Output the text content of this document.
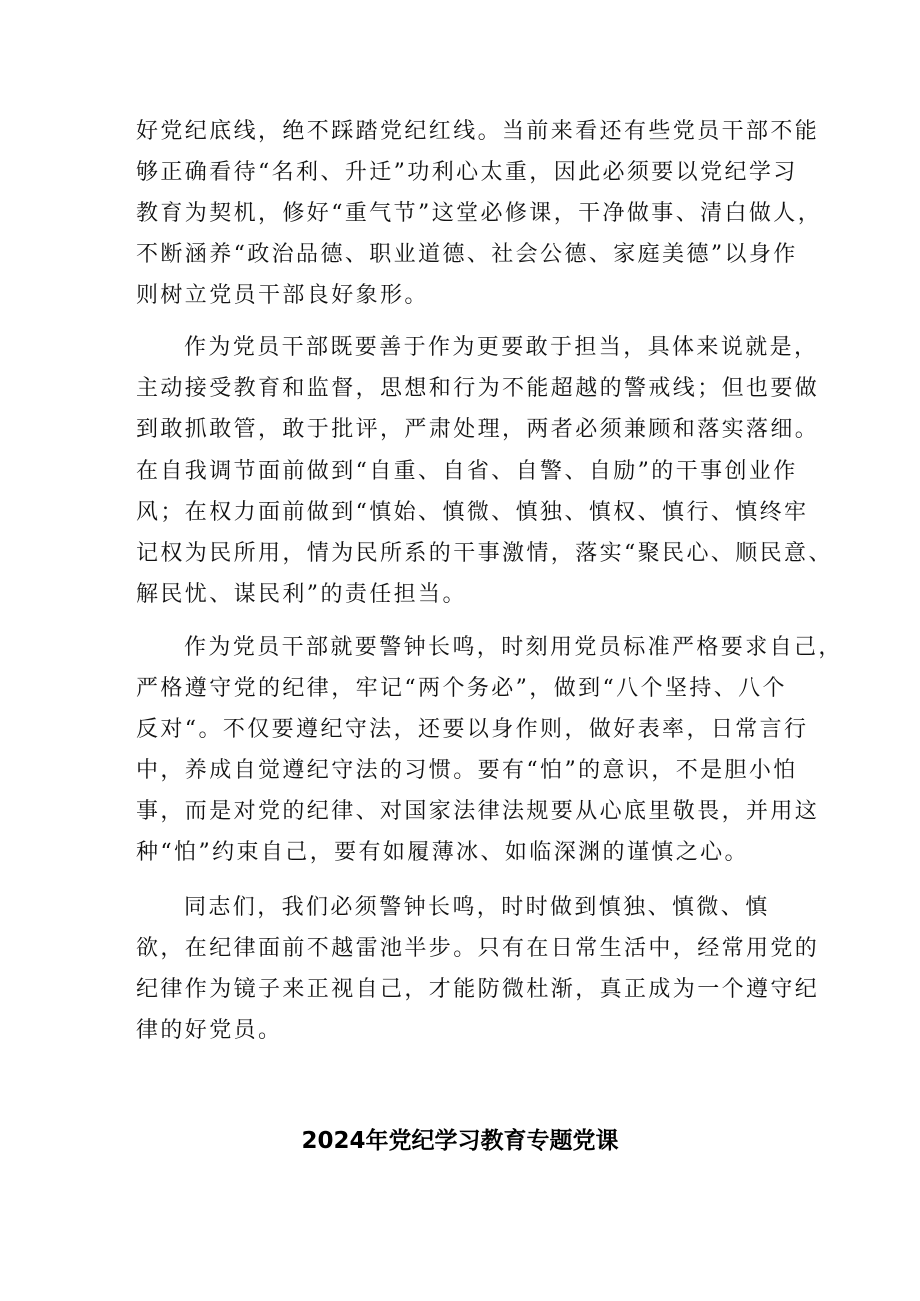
好党纪底线，绝不踩踏党纪红线。当前来看还有些党员干部不能
够正确看待“名利、升迁”功利心太重，因此必须要以党纪学习
教育为契机，修好“重气节”这堂必修课，干净做事、清白做人，
不断涵养“政治品德、职业道德、社会公德、家庭美德”以身作
则树立党员干部良好象形。
作为党员干部既要善于作为更要敢于担当，具体来说就是，
主动接受教育和监督，思想和行为不能超越的警戒线；但也要做
到敢抓敢管，敢于批评，严肃处理，两者必须兼顾和落实落细。
在自我调节面前做到“自重、自省、自警、自励”的干事创业作
风；在权力面前做到“慎始、慎微、慎独、慎权、慎行、慎终牢
记权为民所用，情为民所系的干事激情，落实“聚民心、顺民意、
解民忧、谋民利”的责任担当。
作为党员干部就要警钟长鸣，时刻用党员标准严格要求自己，
严格遵守党的纪律，牢记“两个务必”，做到“八个坚持、八个
反对“。不仅要遵纪守法，还要以身作则，做好表率，日常言行
中，养成自觉遵纪守法的习惯。要有“怕”的意识，不是胆小怕
事，而是对党的纪律、对国家法律法规要从心底里敬畏，并用这
种“怕”约束自己，要有如履薄冰、如临深渊的谨慎之心。
同志们，我们必须警钟长鸣，时时做到慎独、慎微、慎
欲，在纪律面前不越雷池半步。只有在日常生活中，经常用党的
纪律作为镜子来正视自己，才能防微杜渐，真正成为一个遵守纪
律的好党员。
2024年党纪学习教育专题党课
